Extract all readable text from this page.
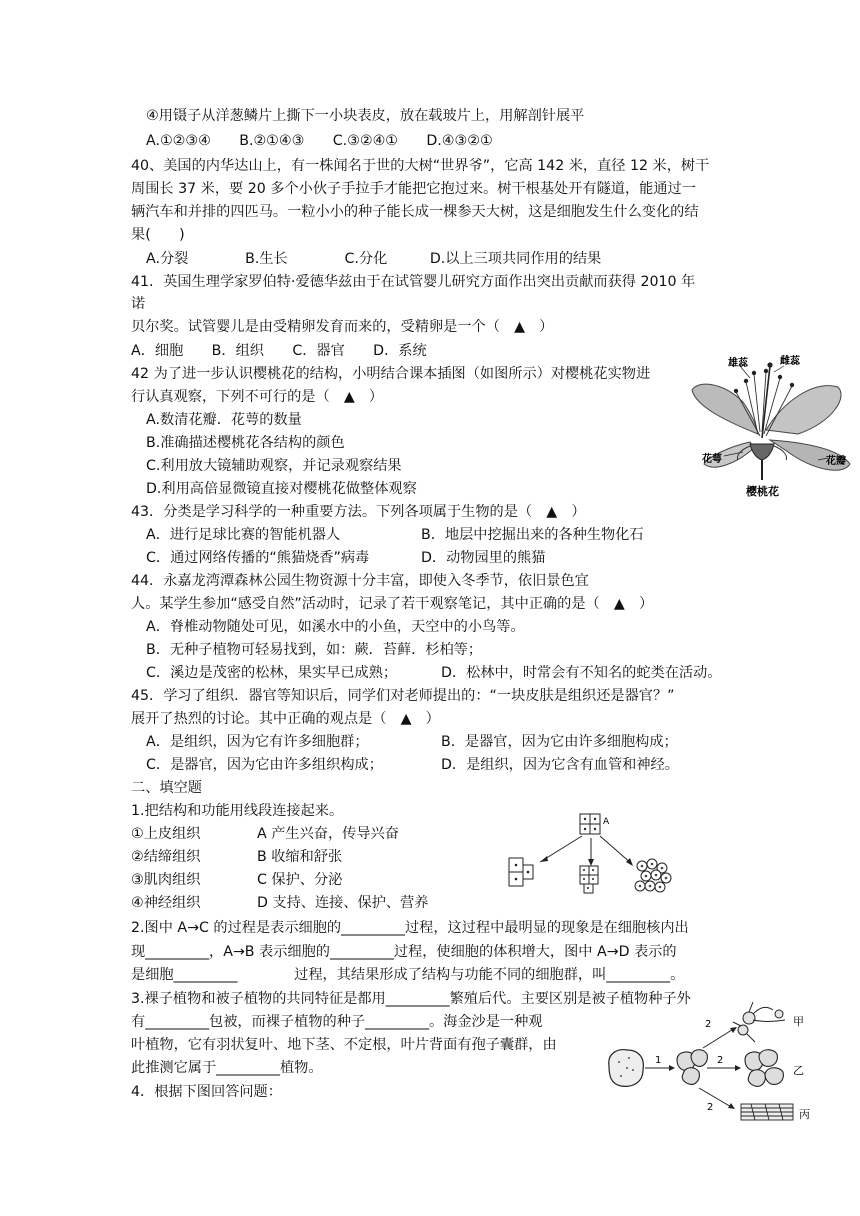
④用镊子从洋葱鳞片上撕下一小块表皮，放在载玻片上，用解剖针展平
A.①②③④　　B.②①④③　　C.③②④①　　D.④③②①
40、美国的内华达山上，有一株闻名于世的大树“世界爷”，它高 142 米，直径 12 米，树干
周围长 37 米，要 20 多个小伙子手拉手才能把它抱过来。树干根基处开有隧道，能通过一
辆汽车和并排的四匹马。一粒小小的种子能长成一棵参天大树，这是细胞发生什么变化的结
果(　　)
A.分裂　　　　B.生长　　　　C.分化　　　D.以上三项共同作用的结果
41．英国生理学家罗伯特·爱德华兹由于在试管婴儿研究方面作出突出贡献而获得 2010 年
诺
贝尔奖。试管婴儿是由受精卵发育而来的，受精卵是一个（　▲　）
A．细胞　　B．组织　　C．器官　　D．系统
42 为了进一步认识樱桃花的结构，小明结合课本插图（如图所示）对樱桃花实物进
行认真观察，下列不可行的是（　▲　）
A.数清花瓣．花萼的数量
B.准确描述樱桃花各结构的颜色
C.利用放大镜辅助观察，并记录观察结果
D.利用高倍显微镜直接对樱桃花做整体观察
43．分类是学习科学的一种重要方法。下列各项属于生物的是（　▲　）
A．进行足球比赛的智能机器人	B．地层中挖掘出来的各种生物化石
C．通过网络传播的“熊猫烧香”病毒	D．动物园里的熊猫
44．永嘉龙湾潭森林公园生物资源十分丰富，即使入冬季节，依旧景色宜
人。某学生参加“感受自然”活动时，记录了若干观察笔记，其中正确的是（　▲　）
A．脊椎动物随处可见，如溪水中的小鱼，天空中的小鸟等。
B．无种子植物可轻易找到，如：蕨．苔藓．杉柏等；
C．溪边是茂密的松林，果实早已成熟；	D．松林中，时常会有不知名的蛇类在活动。
45．学习了组织．器官等知识后，同学们对老师提出的：“一块皮肤是组织还是器官？”
展开了热烈的讨论。其中正确的观点是（　▲　）
A．是组织，因为它有许多细胞群；	B．是器官，因为它由许多细胞构成；
C．是器官，因为它由许多组织构成；	D．是组织，因为它含有血管和神经。
二、填空题
1.把结构和功能用线段连接起来。
①上皮组织	A 产生兴奋，传导兴奋
②结缔组织	B 收缩和舒张
③肌肉组织	C 保护、分泌
④神经组织	D 支持、连接、保护、营养
2.图中 A→C 的过程是表示细胞的_________过程，这过程中最明显的现象是在细胞核内出
现_________，A→B 表示细胞的_________过程，使细胞的体积增大，图中 A→D 表示的
是细胞_________　　　　过程，其结果形成了结构与功能不同的细胞群，叫_________。
3.裸子植物和被子植物的共同特征是都用_________繁殖后代。主要区别是被子植物种子外
有_________包被，而裸子植物的种子_________。海金沙是一种观
叶植物，它有羽状复叶、地下茎、不定根，叶片背面有孢子囊群，由
此推测它属于_________植物。
4．根据下图回答问题：
雄蕊	雌蕊
花萼	花瓣
樱桃花
A
1
2
2
2
甲
乙
丙
